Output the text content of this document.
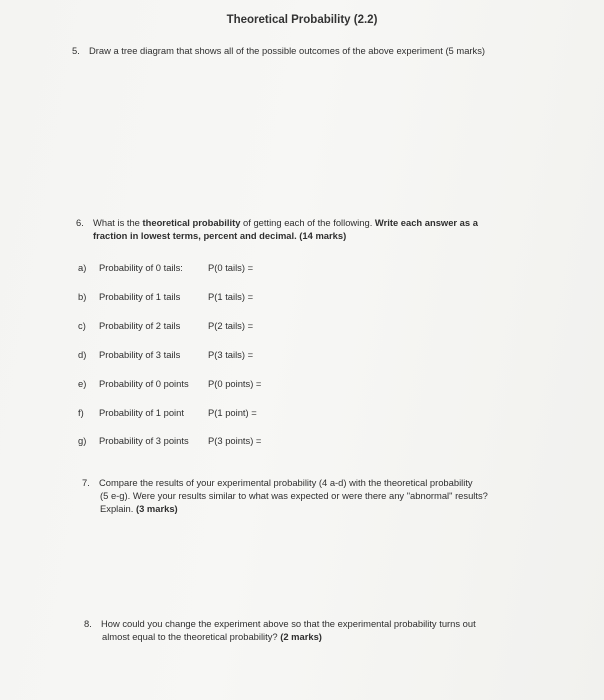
Theoretical Probability (2.2)
5. Draw a tree diagram that shows all of the possible outcomes of the above experiment (5 marks)
6. What is the theoretical probability of getting each of the following. Write each answer as a
fraction in lowest terms, percent and decimal. (14 marks)
a) Probability of 0 tails:	P(0 tails) =
b) Probability of 1 tails	P(1 tails) =
c) Probability of 2 tails	P(2 tails) =
d) Probability of 3 tails	P(3 tails) =
e) Probability of 0 points P(0 points) =
f) Probability of 1 point	P(1 point) =
g) Probability of 3 points P(3 points) =
7. Compare the results of your experimental probability (4 a-d) with the theoretical probability
(5 e-g). Were your results similar to what was expected or were there any "abnormal" results?
Explain. (3 marks)
8. How could you change the experiment above so that the experimental probability turns out
almost equal to the theoretical probability? (2 marks)
